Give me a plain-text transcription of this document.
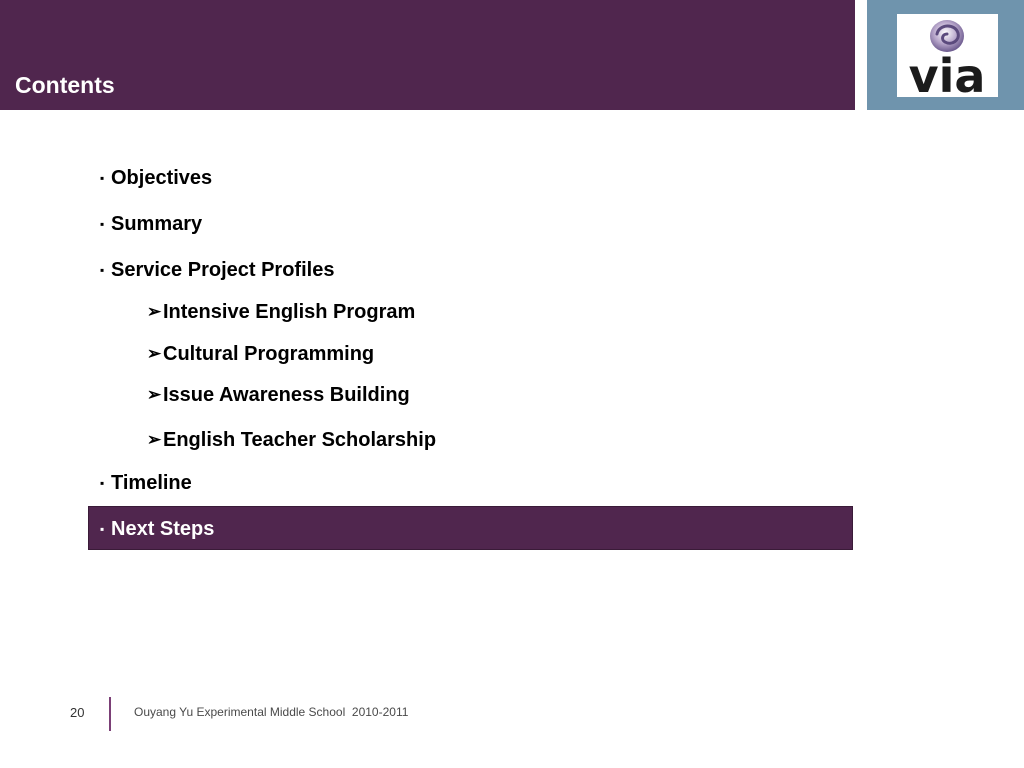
Contents	via
▪ Objectives
▪ Summary
▪ Service Project Profiles
➢Intensive English Program
➢Cultural Programming
➢Issue Awareness Building
➢English Teacher Scholarship
▪ Timeline
▪ Next Steps
20	Ouyang Yu Experimental Middle School  2010-2011
